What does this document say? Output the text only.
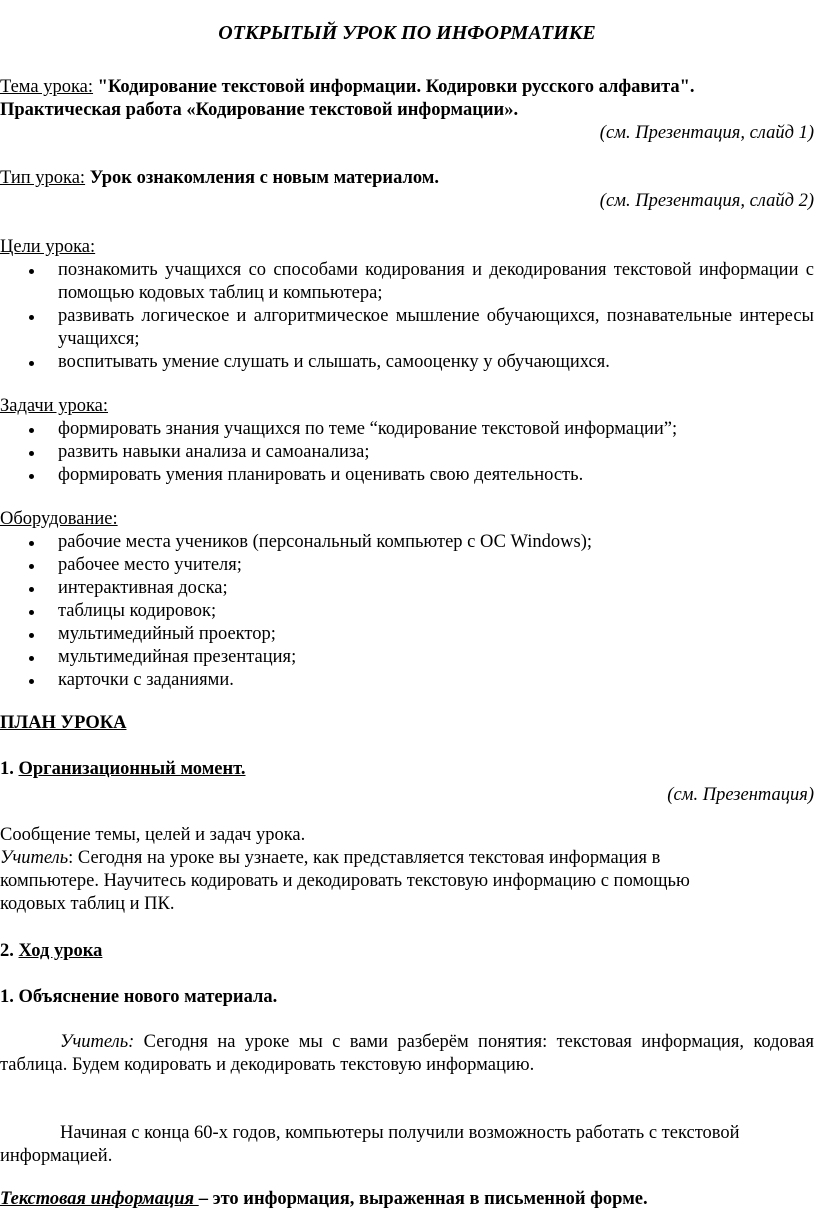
ОТКРЫТЫЙ УРОК ПО ИНФОРМАТИКЕ
Тема урока: "Кодирование текстовой информации. Кодировки русского алфавита".
Практическая работа «Кодирование текстовой информации».
(см. Презентация, слайд 1)
Тип урока: Урок ознакомления с новым материалом.
(см. Презентация, слайд 2)
Цели урока:
познакомить учащихся со способами кодирования и декодирования текстовой информации с помощью кодовых таблиц и компьютера;
развивать логическое и алгоритмическое мышление обучающихся, познавательные интересы учащихся;
воспитывать умение слушать и слышать, самооценку у обучающихся.
Задачи урока:
формировать знания учащихся по теме “кодирование текстовой информации”;
развить навыки анализа и самоанализа;
формировать умения планировать и оценивать свою деятельность.
Оборудование:
рабочие места учеников (персональный компьютер с ОС Windows);
рабочее место учителя;
интерактивная доска;
таблицы кодировок;
мультимедийный проектор;
мультимедийная презентация;
карточки с заданиями.
ПЛАН УРОКА
1. Организационный момент.
(см. Презентация)
Сообщение темы, целей и задач урока.
Учитель: Сегодня на уроке вы узнаете, как представляется текстовая информация в компьютере. Научитесь кодировать и декодировать текстовую информацию с помощью кодовых таблиц и ПК.
2. Ход урока
1. Объяснение нового материала.
Учитель: Сегодня на уроке мы с вами разберём понятия: текстовая информация, кодовая таблица. Будем кодировать и декодировать текстовую информацию.
Начиная с конца 60-х годов, компьютеры получили возможность работать с текстовой информацией.
Текстовая информация – это информация, выраженная в письменной форме.
